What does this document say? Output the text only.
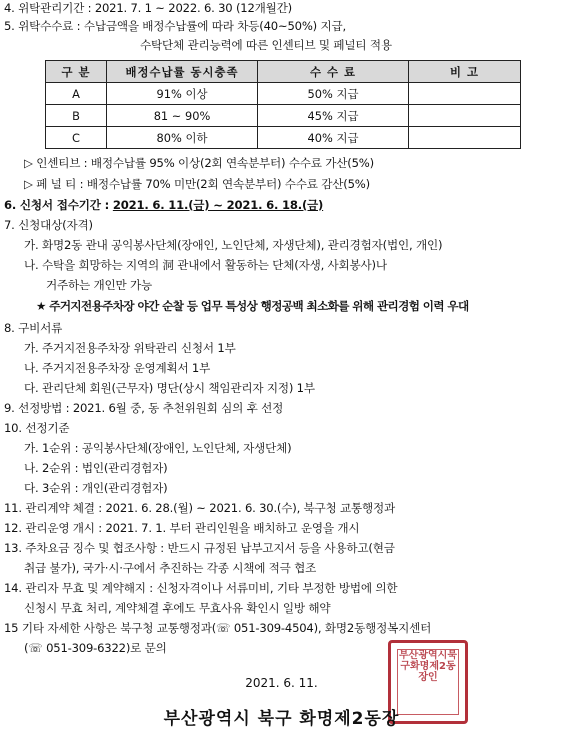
4. 위탁관리기간 : 2021. 7. 1 ~ 2022. 6. 30 (12개월간)
5. 위탁수수료 : 수납금액을 배정수납률에 따라 차등(40~50%) 지급,
수탁단체 관리능력에 따른 인센티브 및 페널티 적용
구 분	배정수납률 동시충족	수 수 료	비 고
A	91% 이상	50% 지급	
B	81 ~ 90%	45% 지급	
C	80% 이하	40% 지급	
▷ 인센티브 : 배정수납률 95% 이상(2회 연속분부터) 수수료 가산(5%)
▷ 페 널 티 : 배정수납률 70% 미만(2회 연속분부터) 수수료 감산(5%)
6. 신청서 접수기간 : 2021. 6. 11.(금) ~ 2021. 6. 18.(금)
7. 신청대상(자격)
가. 화명2동 관내 공익봉사단체(장애인, 노인단체, 자생단체), 관리경험자(법인, 개인)
나. 수탁을 희망하는 지역의 洞 관내에서 활동하는 단체(자생, 사회봉사)나
거주하는 개인만 가능
★ 주거지전용주차장 야간 순찰 등 업무 특성상 행정공백 최소화를 위해 관리경험 이력 우대
8. 구비서류
가. 주거지전용주차장 위탁관리 신청서 1부
나. 주거지전용주차장 운영계획서 1부
다. 관리단체 회원(근무자) 명단(상시 책임관리자 지정) 1부
9. 선정방법 : 2021. 6월 중, 동 추천위원회 심의 후 선정
10. 선정기준
가. 1순위 : 공익봉사단체(장애인, 노인단체, 자생단체)
나. 2순위 : 법인(관리경험자)
다. 3순위 : 개인(관리경험자)
11. 관리계약 체결 : 2021. 6. 28.(월) ~ 2021. 6. 30.(수), 북구청 교통행정과
12. 관리운영 개시 : 2021. 7. 1. 부터 관리인원을 배치하고 운영을 개시
13. 주차요금 징수 및 협조사항 : 반드시 규정된 납부고지서 등을 사용하고(현금
취급 불가), 국가·시·구에서 추진하는 각종 시책에 적극 협조
14. 관리자 무효 및 계약해지 : 신청자격이나 서류미비, 기타 부정한 방법에 의한
신청시 무효 처리, 계약체결 후에도 무효사유 확인시 일방 해약
15 기타 자세한 사항은 북구청 교통행정과(☏ 051-309-4504), 화명2동행정복지센터
(☏ 051-309-6322)로 문의
2021. 6. 11.
부산광역시북구화명제2동장인
부산광역시 북구 화명제2동장
